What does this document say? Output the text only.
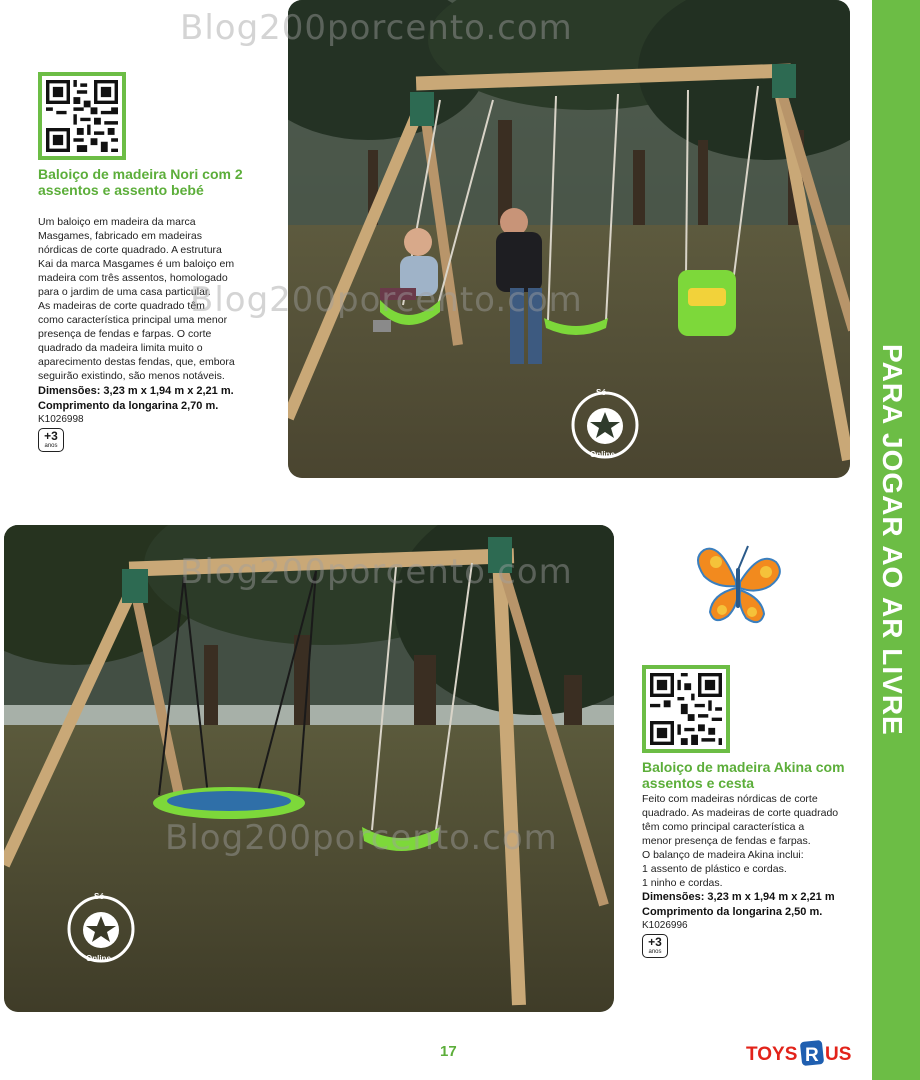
PARA JOGAR AO AR LIVRE
Só
Online
Baloiço de madeira Nori com 2 assentos e assento bebé
Um baloiço em madeira da marca
Masgames, fabricado em madeiras
nórdicas de corte quadrado. A estrutura
Kai da marca Masgames é um baloiço em
madeira com três assentos, homologado
para o jardim de uma casa particular.
As madeiras de corte quadrado têm
como característica principal uma menor
presença de fendas e farpas. O corte
quadrado da madeira limita muito o
aparecimento destas fendas, que, embora
seguirão existindo, são menos notáveis.
Dimensões: 3,23 m x 1,94 m x 2,21 m.
Comprimento da longarina 2,70 m.
K1026998
+3
anos
Só
Online
Baloiço de madeira Akina com assentos e cesta
Feito com madeiras nórdicas de corte
quadrado. As madeiras de corte quadrado
têm como principal característica a
menor presença de fendas e farpas.
O balanço de madeira Akina inclui:
1 assento de plástico e cordas.
1 ninho e cordas.
Dimensões: 3,23 m x 1,94 m x 2,21 m
Comprimento da longarina 2,50 m.
K1026996
+3
anos
Blog200porcento.com
Blog200porcento.com
Blog200porcento.com
Blog200porcento.com
17	TOYS R US
